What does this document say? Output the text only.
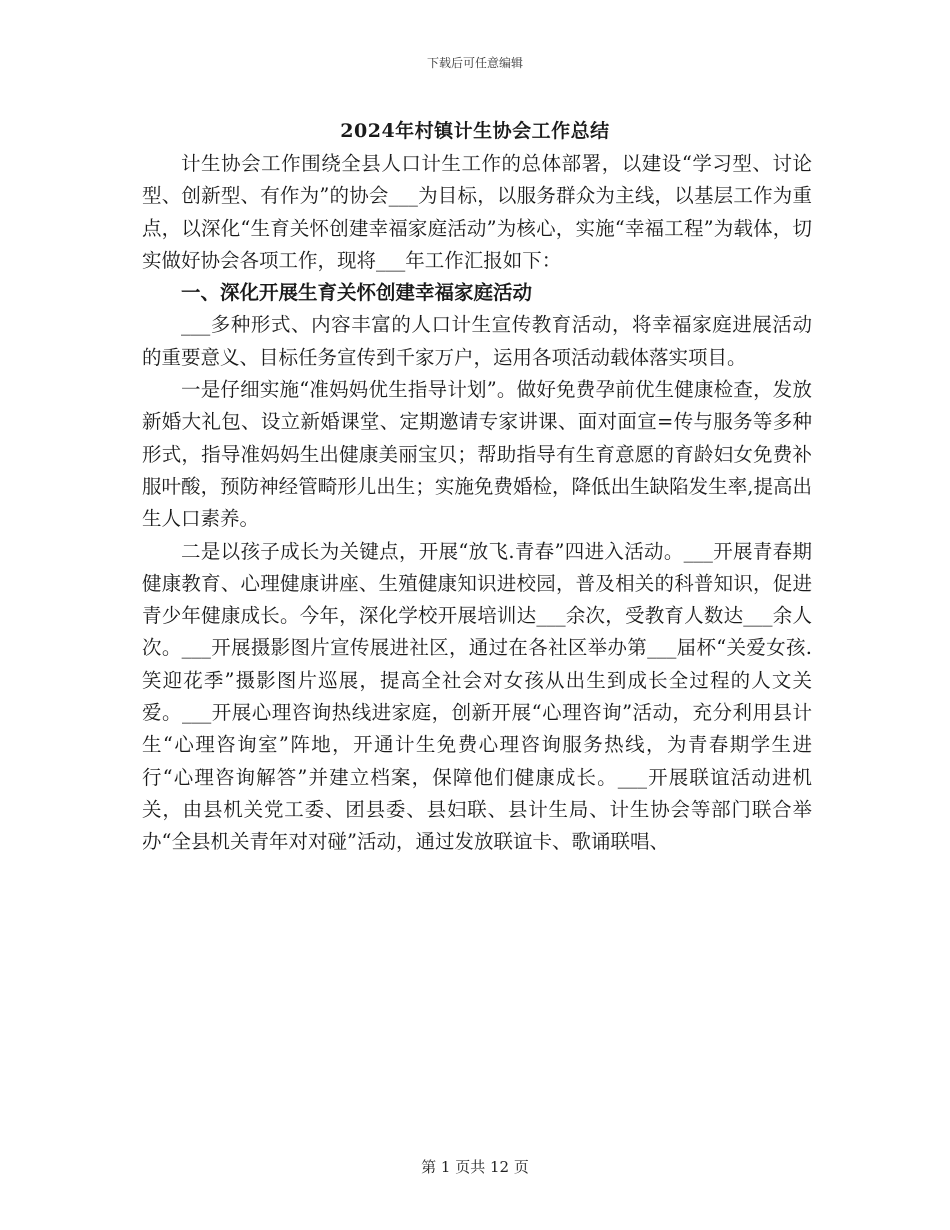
下载后可任意编辑
2024年村镇计生协会工作总结

计生协会工作围绕全县人口计生工作的总体部署，以建设“学习型、讨论型、创新型、有作为”的协会___为目标，以服务群众为主线，以基层工作为重点，以深化“生育关怀创建幸福家庭活动”为核心，实施“幸福工程”为载体，切实做好协会各项工作，现将___年工作汇报如下：

一、深化开展生育关怀创建幸福家庭活动

___多种形式、内容丰富的人口计生宣传教育活动，将幸福家庭进展活动的重要意义、目标任务宣传到千家万户，运用各项活动载体落实项目。

一是仔细实施“准妈妈优生指导计划”。做好免费孕前优生健康检查，发放新婚大礼包、设立新婚课堂、定期邀请专家讲课、面对面宣=传与服务等多种形式，指导准妈妈生出健康美丽宝贝；帮助指导有生育意愿的育龄妇女免费补服叶酸，预防神经管畸形儿出生；实施免费婚检，降低出生缺陷发生率,提高出生人口素养。

二是以孩子成长为关键点，开展“放飞.青春”四进入活动。___开展青春期健康教育、心理健康讲座、生殖健康知识进校园，普及相关的科普知识，促进青少年健康成长。今年，深化学校开展培训达___余次，受教育人数达___余人次。___开展摄影图片宣传展进社区，通过在各社区举办第___届杯“关爱女孩.笑迎花季”摄影图片巡展，提高全社会对女孩从出生到成长全过程的人文关爱。___开展心理咨询热线进家庭，创新开展“心理咨询”活动，充分利用县计生“心理咨询室”阵地，开通计生免费心理咨询服务热线，为青春期学生进行“心理咨询解答”并建立档案，保障他们健康成长。___开展联谊活动进机关，由县机关党工委、团县委、县妇联、县计生局、计生协会等部门联合举办“全县机关青年对对碰”活动，通过发放联谊卡、歌诵联唱、

第 1 页共 12 页
